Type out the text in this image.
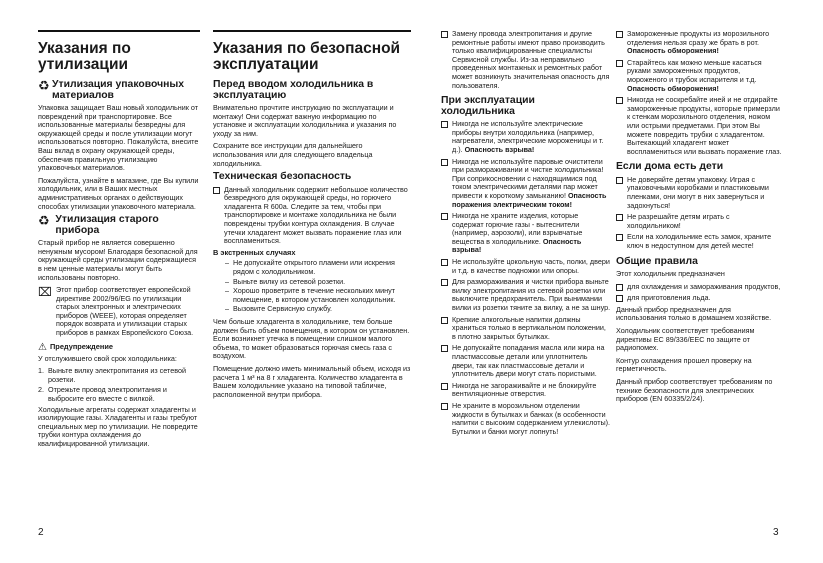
Указания по утилизации
♻ Утилизация упаковочных материалов

Упаковка защищает Ваш новый холодильник от повреждений при транспортировке. Все использованные материалы безвредны для окружающей среды и после утилизации могут использоваться повторно. Пожалуйста, внесите Ваш вклад в охрану окружающей среды, обеспечив правильную утилизацию упаковочных материалов.

Пожалуйста, узнайте в магазине, где Вы купили холодильник, или в Ваших местных административных органах о действующих способах утилизации упаковочного материала.

♻ Утилизация старого прибора

Старый прибор не является совершенно ненужным мусором! Благодаря безопасной для окружающей среды утилизации содержащиеся в нем ценные материалы могут быть использованы повторно.

⌧ Этот прибор соответствует европейской директиве 2002/96/EG по утилизации старых электронных и электрических приборов (WEEE), которая определяет порядок возврата и утилизации старых приборов в рамках Европейского Союза.
⚠ Предупреждение

У отслужившего свой срок холодильника:

1. Выньте вилку электропитания из сетевой розетки.
2. Отрежьте провод электропитания и выбросите его вместе с вилкой.

Холодильные агрегаты содержат хладагенты и изолирующие газы. Хладагенты и газы требуют специальных мер по утилизации. Не повредите трубки контура охлаждения до квалифицированной утилизации.

Указания по безопасной эксплуатации
Перед вводом холодильника в эксплуатацию

Внимательно прочтите инструкцию по эксплуатации и монтажу! Они содержат важную информацию по установке и эксплуатации холодильника и указания по уходу за ним.

Сохраните все инструкции для дальнейшего использования или для следующего владельца холодильника.

Техническая безопасность
Данный холодильник содержит небольшое количество безвредного для окружающей среды, но горючего хладагента R 600a. Следите за тем, чтобы при транспортировке и монтаже холодильника не были повреждены трубки контура охлаждения. В случае утечки хладагент может вызвать поражение глаз или воспламениться.
В экстренных случаях
– Не допускайте открытого пламени или искрения рядом с холодильником.
– Выньте вилку из сетевой розетки.
– Хорошо проветрите в течение нескольких минут помещение, в котором установлен холодильник.
– Вызовите Сервисную службу.

Чем больше хладагента в холодильнике, тем больше должен быть объем помещения, в котором он установлен. Если возникнет утечка в помещении слишком малого объема, то может образоваться горючая смесь газа с воздухом.

Помещение должно иметь минимальный объем, исходя из расчета 1 м³ на 8 г хладагента. Количество хладагента в Вашем холодильнике указано на типовой табличке, расположенной внутри прибора.

Замену провода электропитания и другие ремонтные работы имеют право производить только квалифицированные специалисты Сервисной службы. Из-за неправильно проведенных монтажных и ремонтных работ может возникнуть значительная опасность для пользователя.
При эксплуатации холодильника
Никогда не используйте электрические приборы внутри холодильника (например, нагреватели, электрические мороженицы и т. д.). Опасность взрыва!
Никогда не используйте паровые очистители при размораживании и чистке холодильника! При соприкосновении с находящимися под током электрическими деталями пар может привести к короткому замыканию! Опасность поражения электрическим током!
Никогда не храните изделия, которые содержат горючие газы - вытеснители (например, аэрозоли), или взрывчатые вещества в холодильнике. Опасность взрыва!
Не используйте цокольную часть, полки, двери и т.д. в качестве подножки или опоры.
Для размораживания и чистки прибора выньте вилку электропитания из сетевой розетки или выключите предохранитель. При вынимании вилки из розетки тяните за вилку, а не за шнур.
Крепкие алкогольные напитки должны храниться только в вертикальном положении, в плотно закрытых бутылках.
Не допускайте попадания масла или жира на пластмассовые детали или уплотнитель двери, так как пластмассовые детали и уплотнитель двери могут стать пористыми.
Никогда не загораживайте и не блокируйте вентиляционные отверстия.
Не храните в морозильном отделении жидкости в бутылках и банках (в особенности напитки с высоким содержанием углекислоты). Бутылки и банки могут лопнуть!
Замороженные продукты из морозильного отделения нельзя сразу же брать в рот. Опасность обморожения!
Старайтесь как можно меньше касаться руками замороженных продуктов, мороженого и трубок испарителя и т.д. Опасность обморожения!
Никогда не соскребайте иней и не отдирайте замороженные продукты, которые примерзли к стенкам морозильного отделения, ножом или острыми предметами. При этом Вы можете повредить трубки с хладагентом. Вытекающий хладагент может воспламениться или вызвать поражение глаз.
Если дома есть дети
Не доверяйте детям упаковку. Играя с упаковочными коробками и пластиковыми пленками, они могут в них завернуться и задохнуться!
Не разрешайте детям играть с холодильником!
Если на холодильнике есть замок, храните ключ в недоступном для детей месте!
Общие правила

Этот холодильник предназначен

для охлаждения и замораживания продуктов,
для приготовления льда.

Данный прибор предназначен для использования только в домашнем хозяйстве.

Холодильник соответствует требованиям директивы ЕС 89/336/EEC по защите от радиопомех.

Контур охлаждения прошел проверку на герметичность.

Данный прибор соответствует требованиям по технике безопасности для электрических приборов (EN 60335/2/24).

2	3
